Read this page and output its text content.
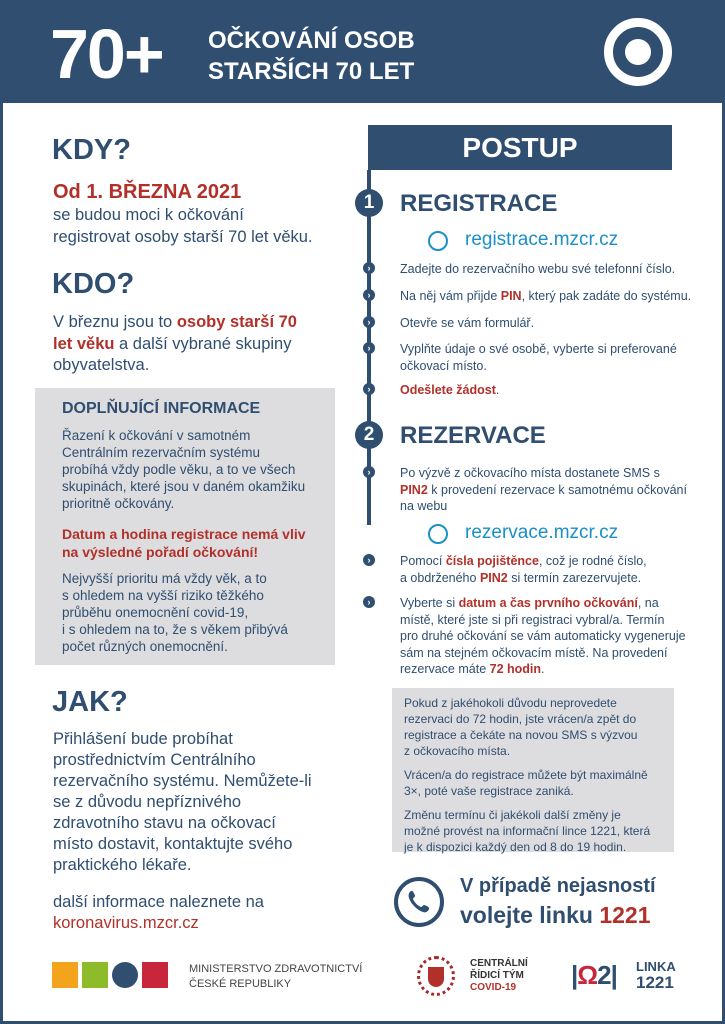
70+ OČKOVÁNÍ OSOB
STARŠÍCH 70 LET
KDY?
Od 1. BŘEZNA 2021
se budou moci k očkování
registrovat osoby starší 70 let věku.
KDO?
V březnu jsou to osoby starší 70
let věku a další vybrané skupiny
obyvatelstva.
DOPLŇUJÍCÍ INFORMACE
Řazení k očkování v samotném
Centrálním rezervačním systému
probíhá vždy podle věku, a to ve všech
skupinách, které jsou v daném okamžiku
prioritně očkovány.
Datum a hodina registrace nemá vliv
na výsledné pořadí očkování!
Nejvyšší prioritu má vždy věk, a to
s ohledem na vyšší riziko těžkého
průběhu onemocnění covid-19,
i s ohledem na to, že s věkem přibývá
počet různých onemocnění.
JAK?
Přihlášení bude probíhat
prostřednictvím Centrálního
rezervačního systému. Nemůžete-li
se z důvodu nepříznivého
zdravotního stavu na očkovací
místo dostavit, kontaktujte svého
praktického lékaře.
další informace naleznete na
koronavirus.mzcr.cz
POSTUP
1	REGISTRACE
registrace.mzcr.cz
›	Zadejte do rezervačního webu své telefonní číslo.
›	Na něj vám přijde PIN, který pak zadáte do systému.
›	Otevře se vám formulář.
›	Vyplňte údaje o své osobě, vyberte si preferované
očkovací místo.
›	Odešlete žádost.
2	REZERVACE
›	Po výzvě z očkovacího místa dostanete SMS s
PIN2 k provedení rezervace k samotnému očkování
na webu
rezervace.mzcr.cz
›	Pomocí čísla pojištěnce, což je rodné číslo,
a obdrženého PIN2 si termín zarezervujete.
›	Vyberte si datum a čas prvního očkování, na
místě, které jste si při registraci vybral/a. Termín
pro druhé očkování se vám automaticky vygeneruje
sám na stejném očkovacím místě. Na provedení
rezervace máte 72 hodin.
Pokud z jakéhokoli důvodu neprovedete
rezervaci do 72 hodin, jste vrácen/a zpět do
registrace a čekáte na novou SMS s výzvou
z očkovacího místa.
Vrácen/a do registrace můžete být maximálně
3×, poté vaše registrace zaniká.
Změnu termínu či jakékoli další změny je
možné provést na informační lince 1221, která
je k dispozici každý den od 8 do 19 hodin.
V případě nejasností
volejte linku 1221
MINISTERSTVO ZDRAVOTNICTVÍ
ČESKÉ REPUBLIKY
CENTRÁLNÍ
ŘÍDICÍ TÝM
COVID-19	|Ω2| LINKA
1221
